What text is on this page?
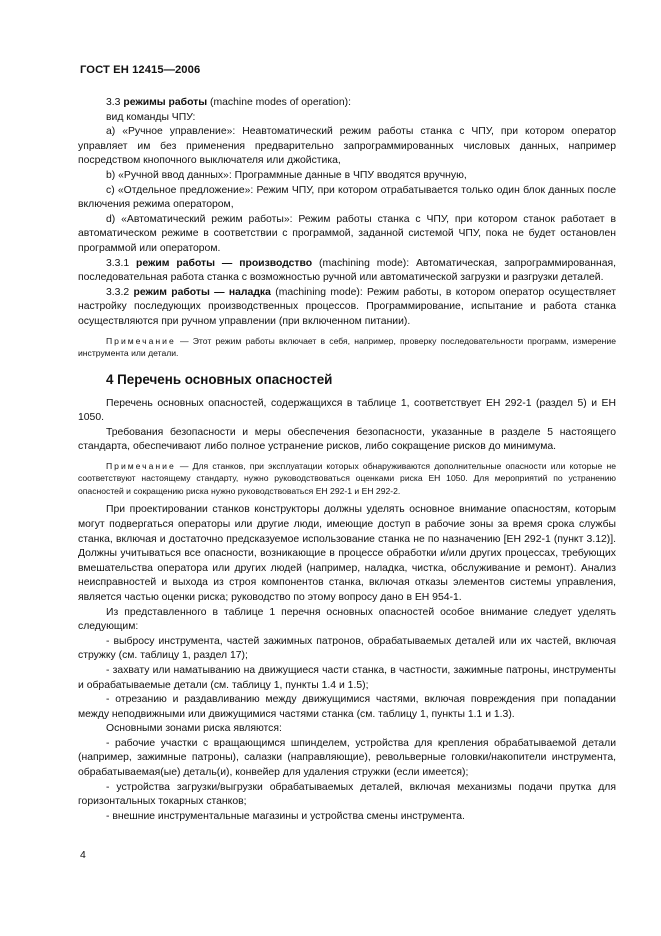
ГОСТ ЕН 12415—2006

3.3 режимы работы (machine modes of operation):

вид команды ЧПУ:

a) «Ручное управление»: Неавтоматический режим работы станка с ЧПУ, при котором оператор управляет им без применения предварительно запрограммированных числовых данных, например посредством кнопочного выключателя или джойстика,

b) «Ручной ввод данных»: Программные данные в ЧПУ вводятся вручную,

c) «Отдельное предложение»: Режим ЧПУ, при котором отрабатывается только один блок данных после включения режима оператором,

d) «Автоматический режим работы»: Режим работы станка с ЧПУ, при котором станок работает в автоматическом режиме в соответствии с программой, заданной системой ЧПУ, пока не будет остановлен программой или оператором.

3.3.1 режим работы — производство (machining mode): Автоматическая, запрограммированная, последовательная работа станка с возможностью ручной или автоматической загрузки и разгрузки деталей.

3.3.2 режим работы — наладка (machining mode): Режим работы, в котором оператор осуществляет настройку последующих производственных процессов. Программирование, испытание и работа станка осуществляются при ручном управлении (при включенном питании).

Примечание — Этот режим работы включает в себя, например, проверку последовательности программ, измерение инструмента или детали.

4 Перечень основных опасностей

Перечень основных опасностей, содержащихся в таблице 1, соответствует ЕН 292-1 (раздел 5) и ЕН 1050.

Требования безопасности и меры обеспечения безопасности, указанные в разделе 5 настоящего стандарта, обеспечивают либо полное устранение рисков, либо сокращение рисков до минимума.

Примечание — Для станков, при эксплуатации которых обнаруживаются дополнительные опасности или которые не соответствуют настоящему стандарту, нужно руководствоваться оценками риска ЕН 1050. Для мероприятий по устранению опасностей и сокращению риска нужно руководствоваться ЕН 292-1 и ЕН 292-2.

При проектировании станков конструкторы должны уделять основное внимание опасностям, которым могут подвергаться операторы или другие люди, имеющие доступ в рабочие зоны за время срока службы станка, включая и достаточно предсказуемое использование станка не по назначению [ЕН 292-1 (пункт 3.12)]. Должны учитываться все опасности, возникающие в процессе обработки и/или других процессах, требующих вмешательства оператора или других людей (например, наладка, чистка, обслуживание и ремонт). Анализ неисправностей и выхода из строя компонентов станка, включая отказы элементов системы управления, является частью оценки риска; руководство по этому вопросу дано в ЕН 954-1.

Из представленного в таблице 1 перечня основных опасностей особое внимание следует уделять следующим:

- выбросу инструмента, частей зажимных патронов, обрабатываемых деталей или их частей, включая стружку (см. таблицу 1, раздел 17);

- захвату или наматыванию на движущиеся части станка, в частности, зажимные патроны, инструменты и обрабатываемые детали (см. таблицу 1, пункты 1.4 и 1.5);

- отрезанию и раздавливанию между движущимися частями, включая повреждения при попадании между неподвижными или движущимися частями станка (см. таблицу 1, пункты 1.1 и 1.3).

Основными зонами риска являются:

- рабочие участки с вращающимся шпинделем, устройства для крепления обрабатываемой детали (например, зажимные патроны), салазки (направляющие), револьверные головки/накопители инструмента, обрабатываемая(ые) деталь(и), конвейер для удаления стружки (если имеется);

- устройства загрузки/выгрузки обрабатываемых деталей, включая механизмы подачи прутка для горизонтальных токарных станков;

- внешние инструментальные магазины и устройства смены инструмента.

4
